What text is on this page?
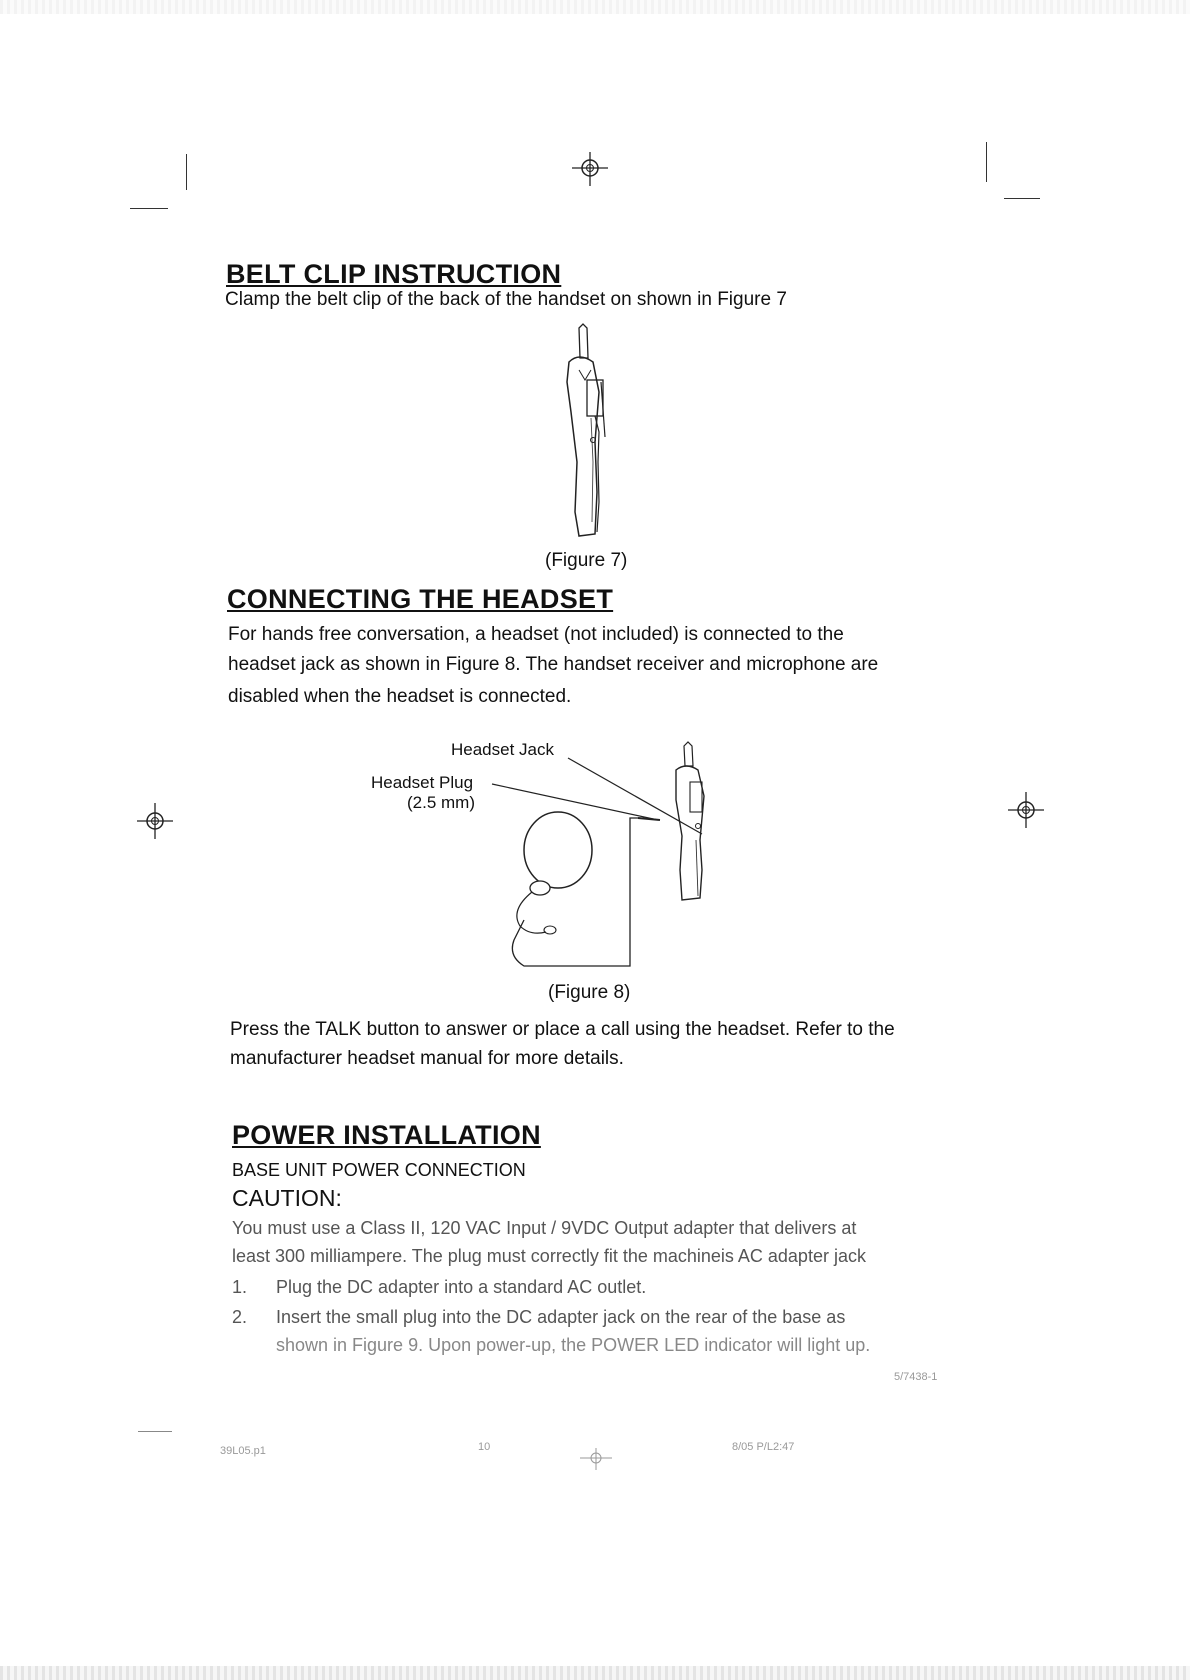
BELT CLIP INSTRUCTION
Clamp the belt clip of the back of the handset on shown in Figure 7
(Figure 7)
CONNECTING THE HEADSET
For hands free conversation, a headset (not included) is connected to the
headset jack as shown in Figure 8. The handset receiver and microphone are
disabled when the headset is connected.
Headset Jack
Headset Plug
(2.5 mm)
(Figure 8)
Press the TALK button to answer or place a call using the headset. Refer to the
manufacturer headset manual for more details.
POWER INSTALLATION
BASE UNIT POWER CONNECTION
CAUTION:
You must use a Class II, 120 VAC Input / 9VDC Output adapter that delivers at
least 300 milliampere. The plug must correctly fit the machineis AC adapter jack
1. Plug the DC adapter into a standard AC outlet.
2. Insert the small plug into the DC adapter jack on the rear of the base as
shown in Figure 9. Upon power-up, the POWER LED indicator will light up.
5/7438-1
39L05.p1	10	8/05 P/L2:47
